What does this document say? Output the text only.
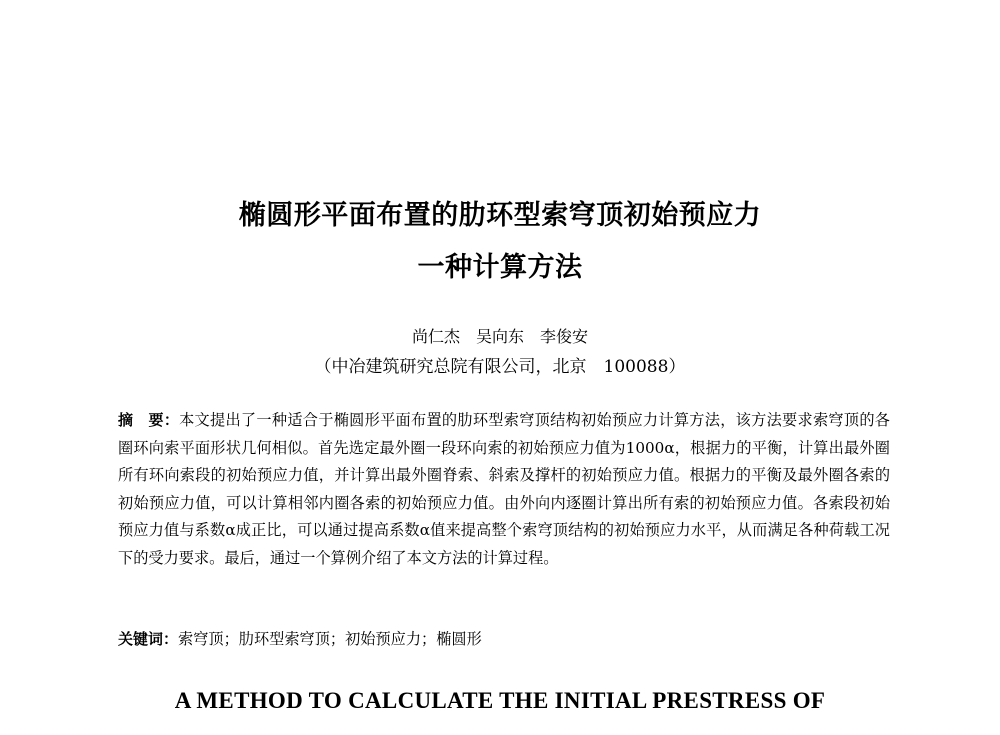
椭圆形平面布置的肋环型索穹顶初始预应力

一种计算方法

尚仁杰　吴向东　李俊安
（中冶建筑研究总院有限公司，北京　100088）

摘　要：本文提出了一种适合于椭圆形平面布置的肋环型索穹顶结构初始预应力计算方法，该方法要求索穹顶的各圈环向索平面形状几何相似。首先选定最外圈一段环向索的初始预应力值为1000α，根据力的平衡，计算出最外圈所有环向索段的初始预应力值，并计算出最外圈脊索、斜索及撑杆的初始预应力值。根据力的平衡及最外圈各索的初始预应力值，可以计算相邻内圈各索的初始预应力值。由外向内逐圈计算出所有索的初始预应力值。各索段初始预应力值与系数α成正比，可以通过提高系数α值来提高整个索穹顶结构的初始预应力水平，从而满足各种荷载工况下的受力要求。最后，通过一个算例介绍了本文方法的计算过程。

关键词：索穹顶；肋环型索穹顶；初始预应力；椭圆形

A METHOD TO CALCULATE THE INITIAL PRESTRESS OF
